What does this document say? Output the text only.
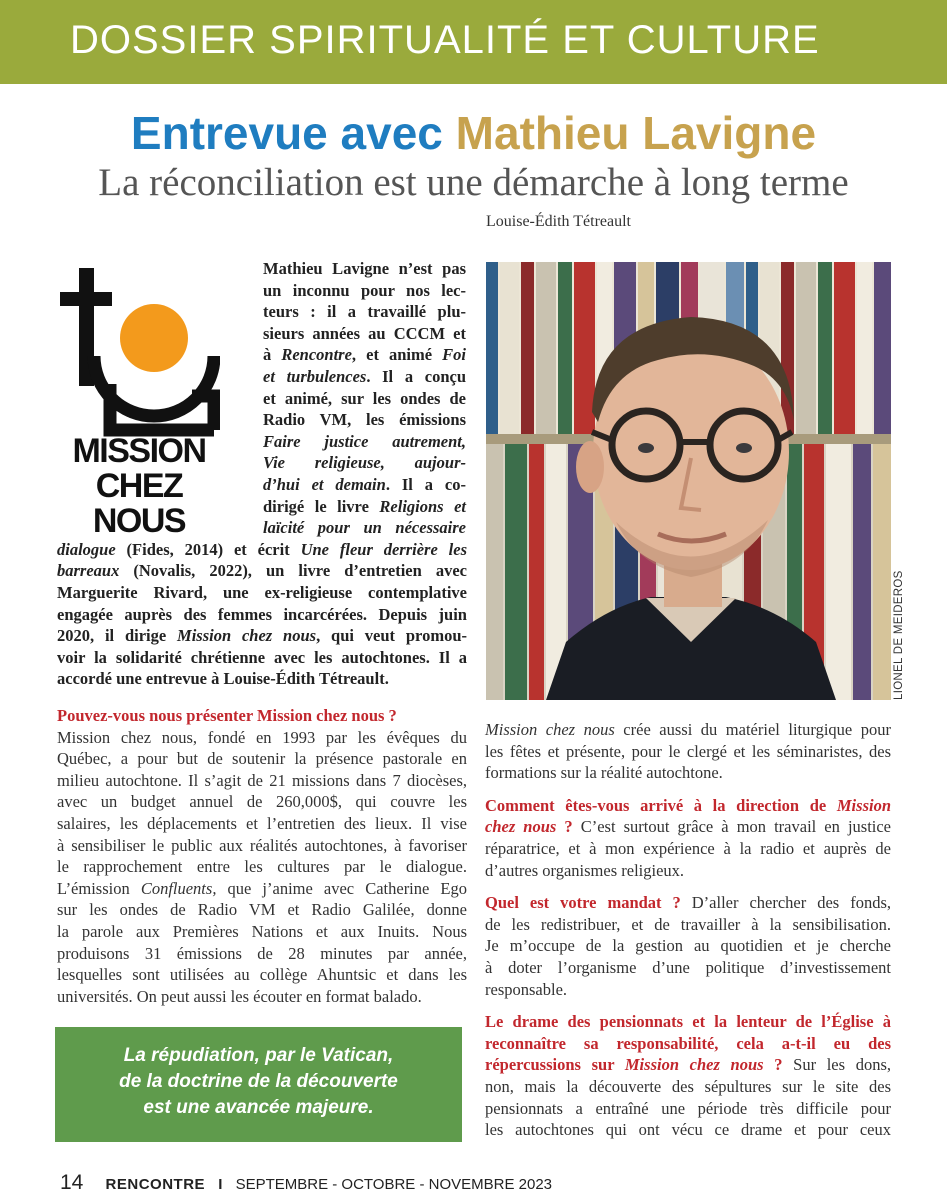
DOSSIER SPIRITUALITÉ ET CULTURE
Entrevue avec Mathieu Lavigne
La réconciliation est une démarche à long terme
Louise-Édith Tétreault
MISSION
CHEZ
NOUS
Mathieu Lavigne n’est pas
un inconnu pour nos lec-
teurs : il a travaillé plu-
sieurs années au CCCM et
à Rencontre, et animé Foi
et turbulences. Il a conçu
et animé, sur les ondes de
Radio VM, les émissions
Faire justice autrement,
Vie religieuse, aujour-
d’hui et demain. Il a co-
dirigé le livre Religions et
laïcité pour un nécessaire
dialogue (Fides, 2014) et écrit Une fleur derrière les
barreaux (Novalis, 2022), un livre d’entretien avec
Marguerite Rivard, une ex-religieuse contemplative
engagée auprès des femmes incarcérées. Depuis juin
2020, il dirige Mission chez nous, qui veut promou-
voir la solidarité chrétienne avec les autochtones. Il a
accordé une entrevue à Louise-Édith Tétreault.	LIONEL DE MEIDEROS
Pouvez-vous nous présenter Mission chez nous ?
Mission chez nous, fondé en 1993 par les évêques du
Québec, a pour but de soutenir la présence pastorale en
milieu autochtone. Il s’agit de 21 missions dans 7 diocèses,
avec un budget annuel de 260,000$, qui couvre les
salaires, les déplacements et l’entretien des lieux. Il vise
à sensibiliser le public aux réalités autochtones, à favoriser
le rapprochement entre les cultures par le dialogue.
L’émission Confluents, que j’anime avec Catherine Ego
sur les ondes de Radio VM et Radio Galilée, donne
la parole aux Premières Nations et aux Inuits. Nous
produisons 31 émissions de 28 minutes par année,
lesquelles sont utilisées au collège Ahuntsic et dans les
universités. On peut aussi les écouter en format balado.
La répudiation, par le Vatican,
de la doctrine de la découverte
est une avancée majeure.
Mission chez nous crée aussi du matériel liturgique pour
les fêtes et présente, pour le clergé et les séminaristes, des
formations sur la réalité autochtone.
Comment êtes-vous arrivé à la direction de Mission
chez nous ? C’est surtout grâce à mon travail en justice
réparatrice, et à mon expérience à la radio et auprès de
d’autres organismes religieux.
Quel est votre mandat ? D’aller chercher des fonds,
de les redistribuer, et de travailler à la sensibilisation.
Je m’occupe de la gestion au quotidien et je cherche
à doter l’organisme d’une politique d’investissement
responsable.
Le drame des pensionnats et la lenteur de l’Église à
reconnaître sa responsabilité, cela a-t-il eu des
répercussions sur Mission chez nous ? Sur les dons,
non, mais la découverte des sépultures sur le site des
pensionnats a entraîné une période très difficile pour
les autochtones qui ont vécu ce drame et pour ceux
14 RENCONTRE I SEPTEMBRE - OCTOBRE - NOVEMBRE 2023
